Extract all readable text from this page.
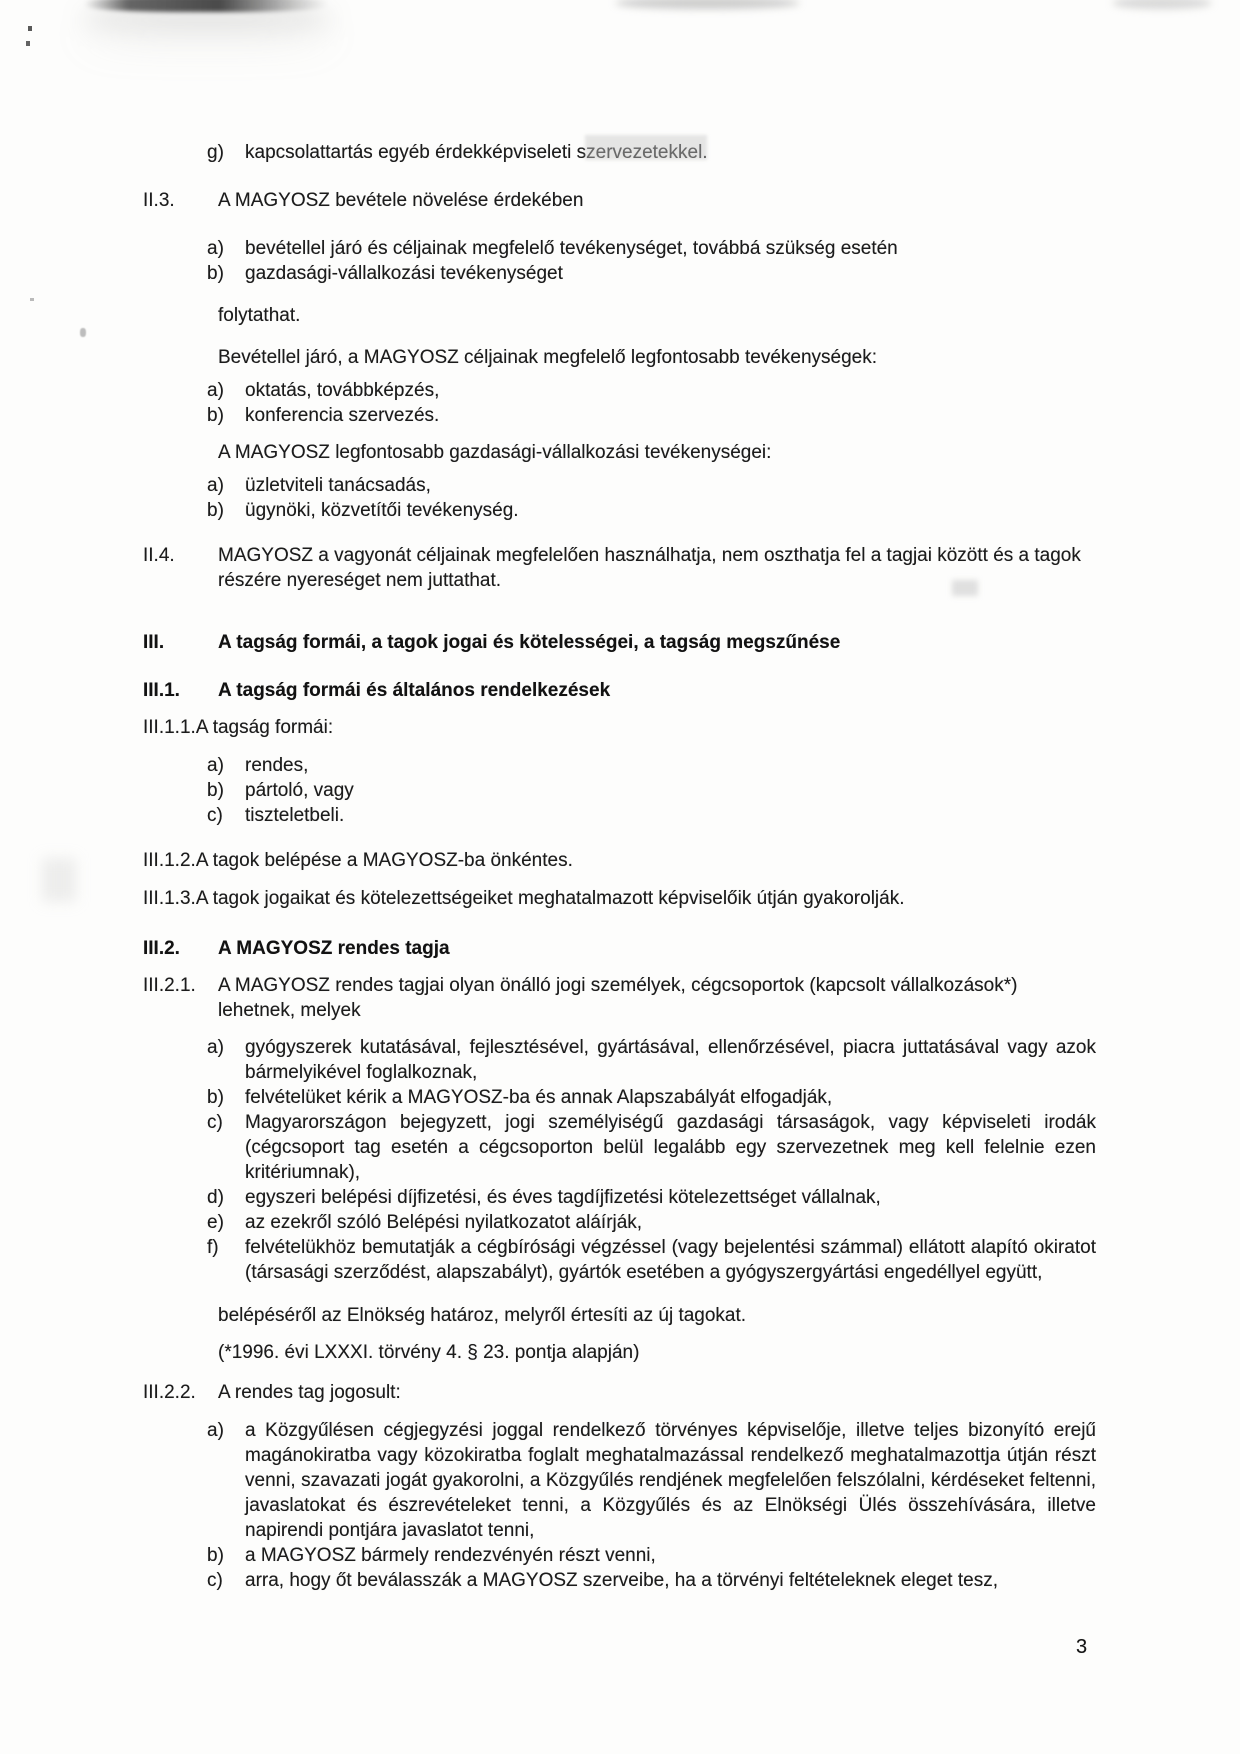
g)	kapcsolattartás egyéb érdekképviseleti szervezetekkel.
II.3.	A MAGYOSZ bevétele növelése érdekében
a)	bevétellel járó és céljainak megfelelő tevékenységet, továbbá szükség esetén
b)	gazdasági-vállalkozási tevékenységet
folytathat.
Bevétellel járó, a MAGYOSZ céljainak megfelelő legfontosabb tevékenységek:
a)	oktatás, továbbképzés,
b)	konferencia szervezés.
A MAGYOSZ legfontosabb gazdasági-vállalkozási tevékenységei:
a)	üzletviteli tanácsadás,
b)	ügynöki, közvetítői tevékenység.
II.4.	MAGYOSZ a vagyonát céljainak megfelelően használhatja, nem oszthatja fel a tagjai között és a tagok részére nyereséget nem juttathat.
III.	A tagság formái, a tagok jogai és kötelességei, a tagság megszűnése
III.1.	A tagság formái és általános rendelkezések
III.1.1.A tagság formái:
a)	rendes,
b)	pártoló, vagy
c)	tiszteletbeli.
III.1.2.A tagok belépése a MAGYOSZ-ba önkéntes.
III.1.3.A tagok jogaikat és kötelezettségeiket meghatalmazott képviselőik útján gyakorolják.
III.2.	A MAGYOSZ rendes tagja
III.2.1.	A MAGYOSZ rendes tagjai olyan önálló jogi személyek, cégcsoportok (kapcsolt vállalkozások*) lehetnek, melyek
a)	gyógyszerek kutatásával, fejlesztésével, gyártásával, ellenőrzésével, piacra juttatásával vagy azok bármelyikével foglalkoznak,
b)	felvételüket kérik a MAGYOSZ-ba és annak Alapszabályát elfogadják,
c)	Magyarországon bejegyzett, jogi személyiségű gazdasági társaságok, vagy képviseleti irodák (cégcsoport tag esetén a cégcsoporton belül legalább egy szervezetnek meg kell felelnie ezen kritériumnak),
d)	egyszeri belépési díjfizetési, és éves tagdíjfizetési kötelezettséget vállalnak,
e)	az ezekről szóló Belépési nyilatkozatot aláírják,
f)	felvételükhöz bemutatják a cégbírósági végzéssel (vagy bejelentési számmal) ellátott alapító okiratot (társasági szerződést, alapszabályt), gyártók esetében a gyógyszergyártási engedéllyel együtt,
belépéséről az Elnökség határoz, melyről értesíti az új tagokat.
(*1996. évi LXXXI. törvény 4. § 23. pontja alapján)
III.2.2.	A rendes tag jogosult:
a)	a Közgyűlésen cégjegyzési joggal rendelkező törvényes képviselője, illetve teljes bizonyító erejű magánokiratba vagy közokiratba foglalt meghatalmazással rendelkező meghatalmazottja útján részt venni, szavazati jogát gyakorolni, a Közgyűlés rendjének megfelelően felszólalni, kérdéseket feltenni, javaslatokat és észrevételeket tenni, a Közgyűlés és az Elnökségi Ülés összehívására, illetve napirendi pontjára javaslatot tenni,
b)	a MAGYOSZ bármely rendezvényén részt venni,
c)	arra, hogy őt beválasszák a MAGYOSZ szerveibe, ha a törvényi feltételeknek eleget tesz,
3
